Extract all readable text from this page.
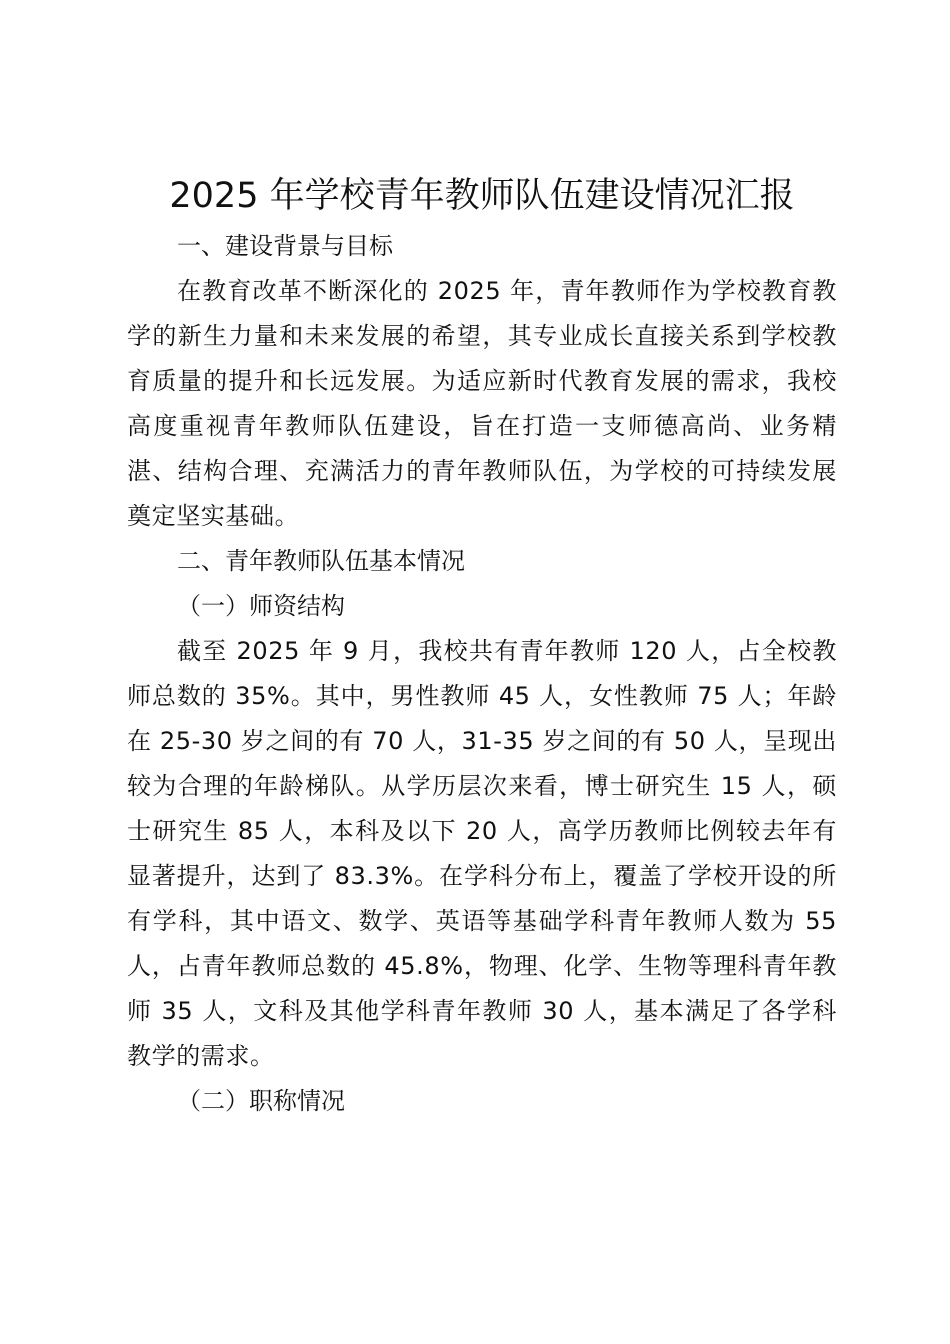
2025 年学校青年教师队伍建设情况汇报

一、建设背景与目标

在教育改革不断深化的 2025 年，青年教师作为学校教育教学的新生力量和未来发展的希望，其专业成长直接关系到学校教育质量的提升和长远发展。为适应新时代教育发展的需求，我校高度重视青年教师队伍建设，旨在打造一支师德高尚、业务精湛、结构合理、充满活力的青年教师队伍，为学校的可持续发展奠定坚实基础。

二、青年教师队伍基本情况

（一）师资结构

截至 2025 年 9 月，我校共有青年教师 120 人，占全校教师总数的 35%。其中，男性教师 45 人，女性教师 75 人；年龄在 25-30 岁之间的有 70 人，31-35 岁之间的有 50 人，呈现出较为合理的年龄梯队。从学历层次来看，博士研究生 15 人，硕士研究生 85 人，本科及以下 20 人，高学历教师比例较去年有显著提升，达到了 83.3%。在学科分布上，覆盖了学校开设的所有学科，其中语文、数学、英语等基础学科青年教师人数为 55 人，占青年教师总数的 45.8%，物理、化学、生物等理科青年教师 35 人，文科及其他学科青年教师 30 人，基本满足了各学科教学的需求。

（二）职称情况
